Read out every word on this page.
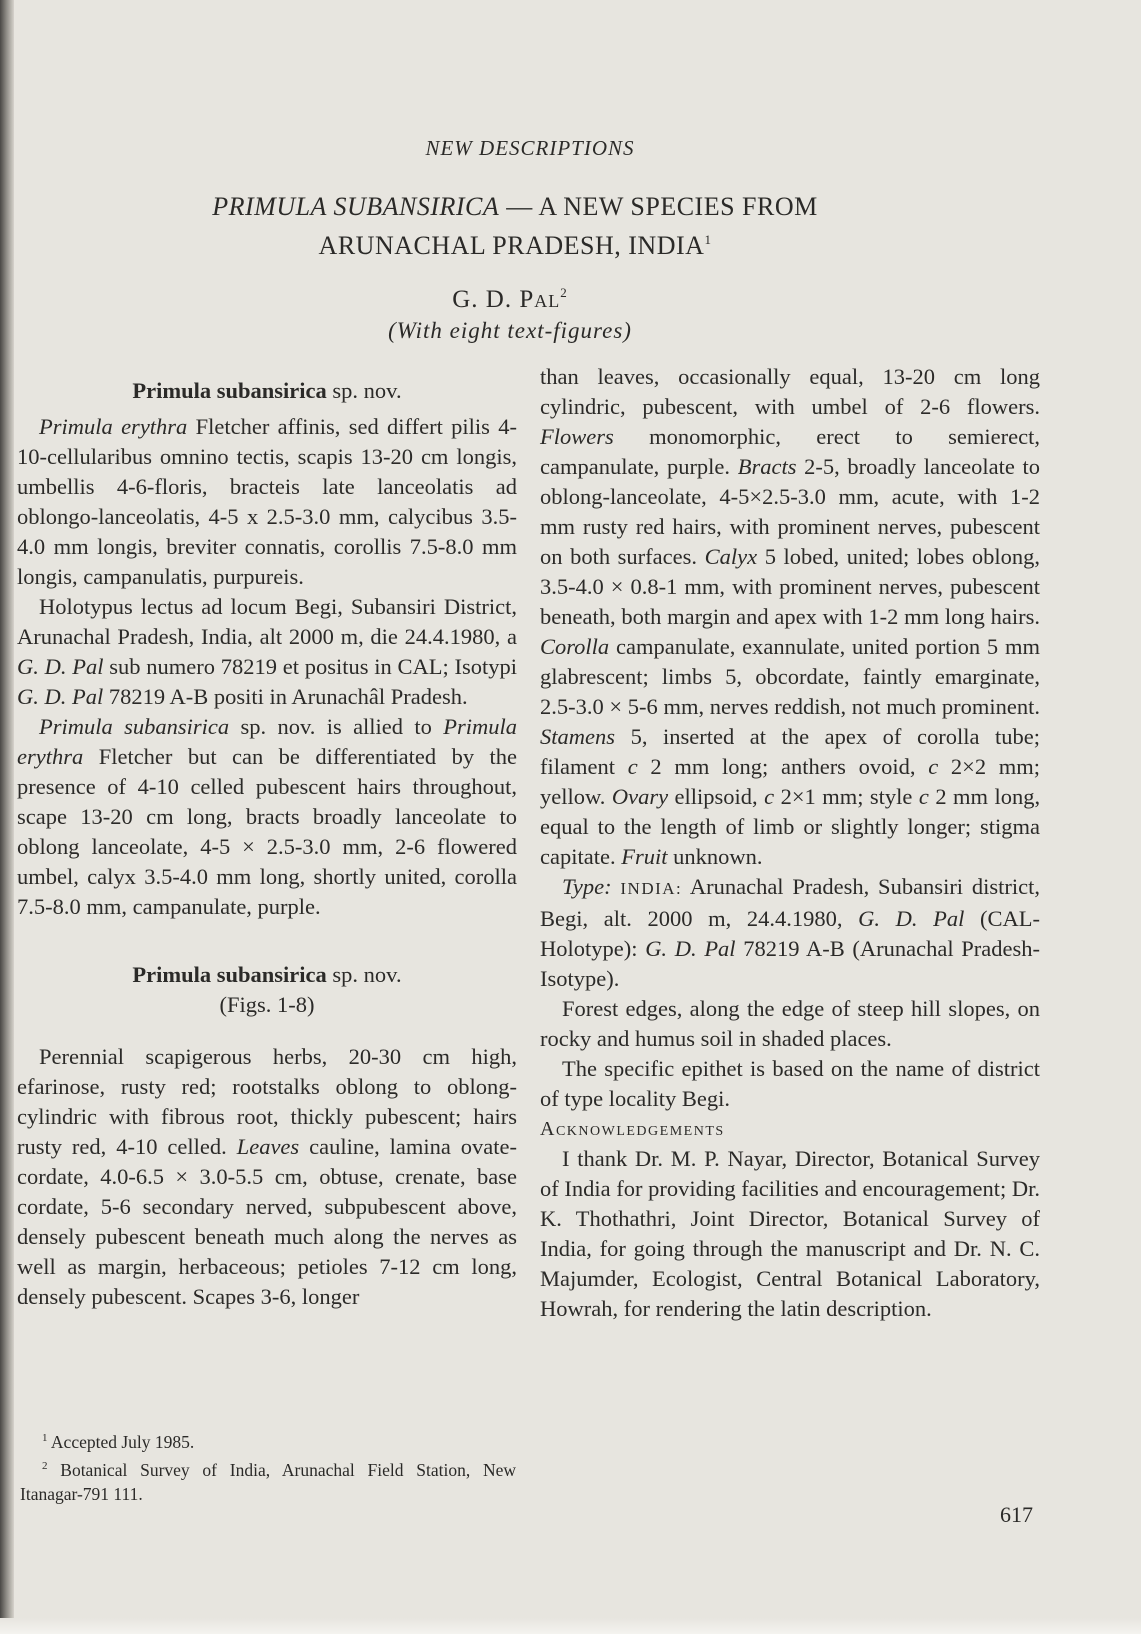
NEW DESCRIPTIONS
PRIMULA SUBANSIRICA — A NEW SPECIES FROM
ARUNACHAL PRADESH, INDIA$^1$
G. D. Pal$^2$
(With eight text-figures)

Primula subansirica sp. nov.

Primula erythra Fletcher affinis, sed differt pilis 4-10-cellularibus omnino tectis, scapis 13-20 cm longis, umbellis 4-6-floris, bracteis late lanceolatis ad oblongo-lanceolatis, 4-5 x 2.5-3.0 mm, calycibus 3.5-4.0 mm longis, breviter connatis, corollis 7.5-8.0 mm longis, campanulatis, purpureis.

Holotypus lectus ad locum Begi, Subansiri District, Arunachal Pradesh, India, alt 2000 m, die 24.4.1980, a G. D. Pal sub numero 78219 et positus in CAL; Isotypi G. D. Pal 78219 A-B positi in Arunachâl Pradesh.

Primula subansirica sp. nov. is allied to Primula erythra Fletcher but can be differentiated by the presence of 4-10 celled pubescent hairs throughout, scape 13-20 cm long, bracts broadly lanceolate to oblong lanceolate, 4-5 × 2.5-3.0 mm, 2-6 flowered umbel, calyx 3.5-4.0 mm long, shortly united, corolla 7.5-8.0 mm, campanulate, purple.

Primula subansirica sp. nov.

(Figs. 1-8)

Perennial scapigerous herbs, 20-30 cm high, efarinose, rusty red; rootstalks oblong to oblong-cylindric with fibrous root, thickly pubescent; hairs rusty red, 4-10 celled. Leaves cauline, lamina ovate-cordate, 4.0-6.5 × 3.0-5.5 cm, obtuse, crenate, base cordate, 5-6 secondary nerved, subpubescent above, densely pubescent beneath much along the nerves as well as margin, herbaceous; petioles 7-12 cm long, densely pubescent. Scapes 3-6, longer

$^1$ Accepted July 1985.

$^2$ Botanical Survey of India, Arunachal Field Station, New Itanagar-791 111.

than leaves, occasionally equal, 13-20 cm long cylindric, pubescent, with umbel of 2-6 flowers. Flowers monomorphic, erect to semierect, campanulate, purple. Bracts 2-5, broadly lanceolate to oblong-lanceolate, 4-5×2.5-3.0 mm, acute, with 1-2 mm rusty red hairs, with prominent nerves, pubescent on both surfaces. Calyx 5 lobed, united; lobes oblong, 3.5-4.0 × 0.8-1 mm, with prominent nerves, pubescent beneath, both margin and apex with 1-2 mm long hairs. Corolla campanulate, exannulate, united portion 5 mm glabrescent; limbs 5, obcordate, faintly emarginate, 2.5-3.0 × 5-6 mm, nerves reddish, not much prominent. Stamens 5, inserted at the apex of corolla tube; filament c 2 mm long; anthers ovoid, c 2×2 mm; yellow. Ovary ellipsoid, c 2×1 mm; style c 2 mm long, equal to the length of limb or slightly longer; stigma capitate. Fruit unknown.

Type: INDIA: Arunachal Pradesh, Subansiri district, Begi, alt. 2000 m, 24.4.1980, G. D. Pal (CAL-Holotype): G. D. Pal 78219 A-B (Arunachal Pradesh-Isotype).

Forest edges, along the edge of steep hill slopes, on rocky and humus soil in shaded places.

The specific epithet is based on the name of district of type locality Begi.

Acknowledgements

I thank Dr. M. P. Nayar, Director, Botanical Survey of India for providing facilities and encouragement; Dr. K. Thothathri, Joint Director, Botanical Survey of India, for going through the manuscript and Dr. N. C. Majumder, Ecologist, Central Botanical Laboratory, Howrah, for rendering the latin description.

617
